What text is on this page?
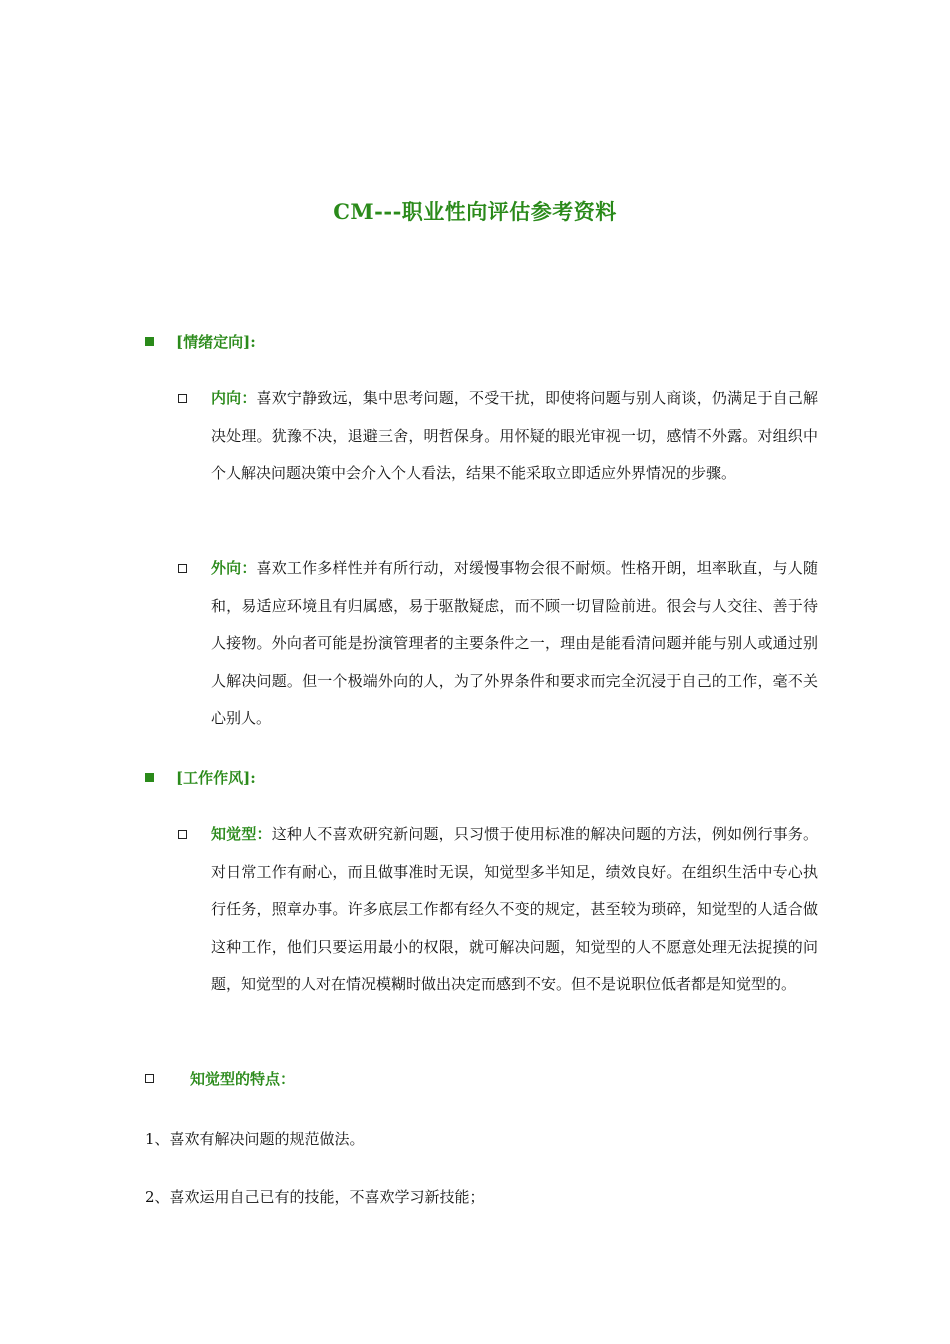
CM---职业性向评估参考资料
[情绪定向]:
内向：喜欢宁静致远，集中思考问题，不受干扰，即使将问题与别人商谈，仍满足于自己解决处理。犹豫不决，退避三舍，明哲保身。用怀疑的眼光审视一切，感情不外露。对组织中个人解决问题决策中会介入个人看法，结果不能采取立即适应外界情况的步骤。
外向：喜欢工作多样性并有所行动，对缓慢事物会很不耐烦。性格开朗，坦率耿直，与人随和，易适应环境且有归属感，易于驱散疑虑，而不顾一切冒险前进。很会与人交往、善于待人接物。外向者可能是扮演管理者的主要条件之一，理由是能看清问题并能与别人或通过别人解决问题。但一个极端外向的人，为了外界条件和要求而完全沉浸于自己的工作，毫不关心别人。
[工作作风]:
知觉型：这种人不喜欢研究新问题，只习惯于使用标准的解决问题的方法，例如例行事务。对日常工作有耐心，而且做事准时无误，知觉型多半知足，绩效良好。在组织生活中专心执行任务，照章办事。许多底层工作都有经久不变的规定，甚至较为琐碎，知觉型的人适合做这种工作，他们只要运用最小的权限，就可解决问题，知觉型的人不愿意处理无法捉摸的问题，知觉型的人对在情况模糊时做出决定而感到不安。但不是说职位低者都是知觉型的。
知觉型的特点：
1、喜欢有解决问题的规范做法。
2、喜欢运用自己已有的技能，不喜欢学习新技能；
